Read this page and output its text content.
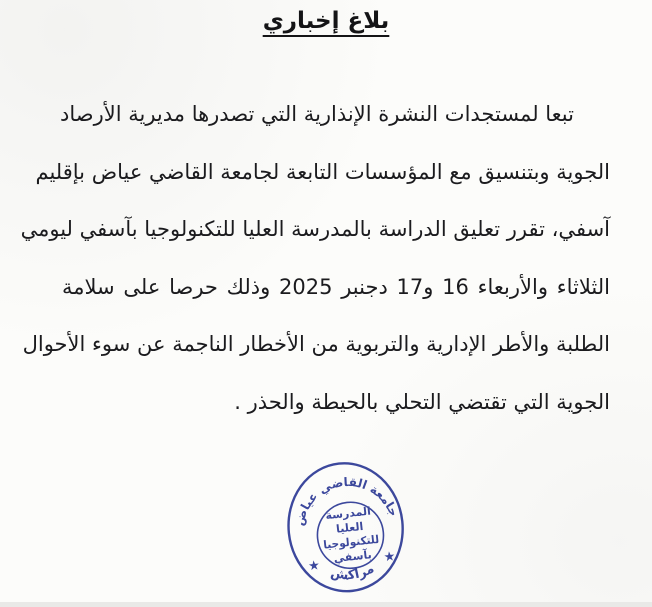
بلاغ إخباري
تبعا لمستجدات النشرة الإنذارية التي تصدرها مديرية الأرصاد
الجوية وبتنسيق مع المؤسسات التابعة لجامعة القاضي عياض بإقليم
آسفي، تقرر تعليق الدراسة بالمدرسة العليا للتكنولوجيا بآسفي ليومي
الثلاثاء والأربعاء 16 و17 دجنبر 2025 وذلك حرصا على سلامة
الطلبة والأطر الإدارية والتربوية من الأخطار الناجمة عن سوء الأحوال
الجوية التي تقتضي التحلي بالحيطة والحذر .
جامعة القاضي عياض
مراكش
★
★
المدرسة
العليا
للتكنولوجيا
بآسفي
